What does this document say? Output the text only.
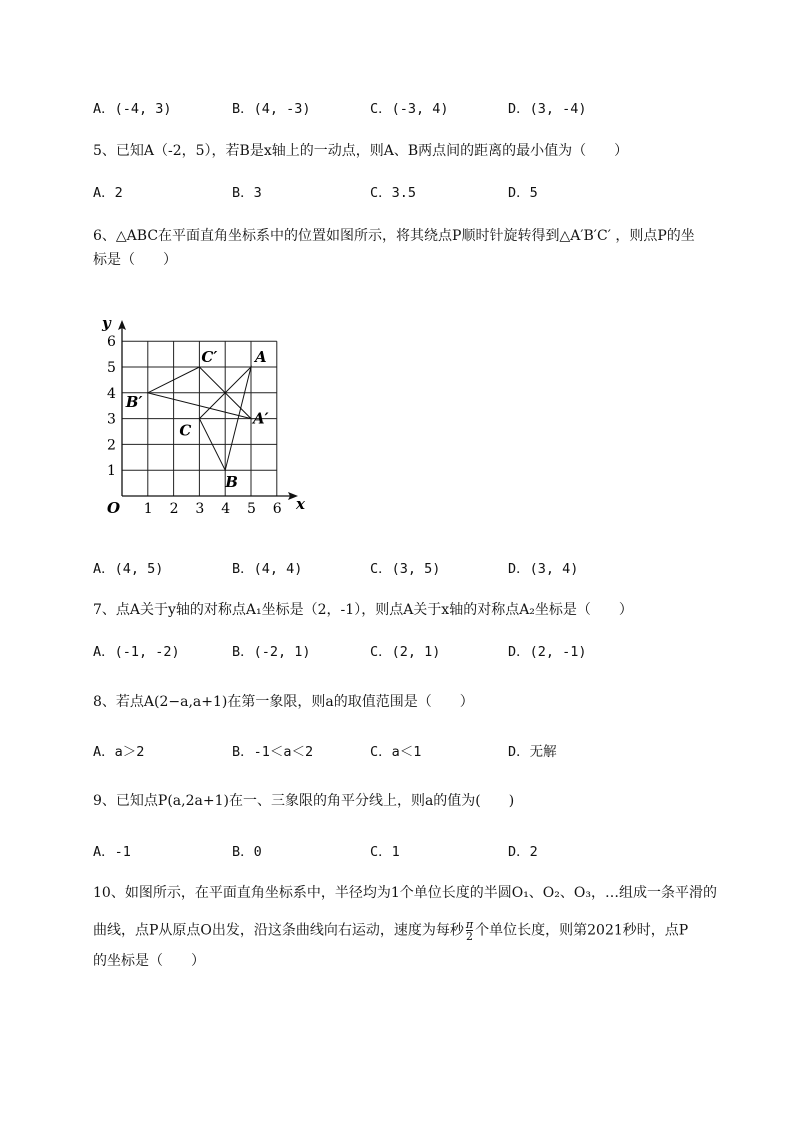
A．(-4, 3)	B．(4, -3)	C．(-3, 4)	D．(3, -4)
5、已知A（-2，5），若B是x轴上的一动点，则A、B两点间的距离的最小值为（　　）
A．2	B．3	C．3.5	D．5
6、△ABC在平面直角坐标系中的位置如图所示，将其绕点P顺时针旋转得到△A′B′C′ ，则点P的坐
标是（　　）
x
y
O 1 2 3 4 5 6
1
2
3
4
5
6
A
B
C
A′
B′
C′
A．(4, 5)	B．(4, 4)	C．(3, 5)	D．(3, 4)
7、点A关于y轴的对称点A₁坐标是（2，-1），则点A关于x轴的对称点A₂坐标是（　　）
A．(-1, -2)	B．(-2, 1)	C．(2, 1)	D．(2, -1)
8、若点A(2−a,a+1)在第一象限，则a的取值范围是（　　）
A．a＞2	B．-1＜a＜2	C．a＜1	D．无解
9、已知点P(a,2a+1)在一、三象限的角平分线上，则a的值为(　　)
A．-1	B．0	C．1	D．2
10、如图所示，在平面直角坐标系中，半径均为1个单位长度的半圆O₁、O₂、O₃，…组成一条平滑的
曲线，点P从原点O出发，沿这条曲线向右运动，速度为每秒 $\frac{\pi}{2}$ 个单位长度，则第2021秒时，点P
的坐标是（　　）
